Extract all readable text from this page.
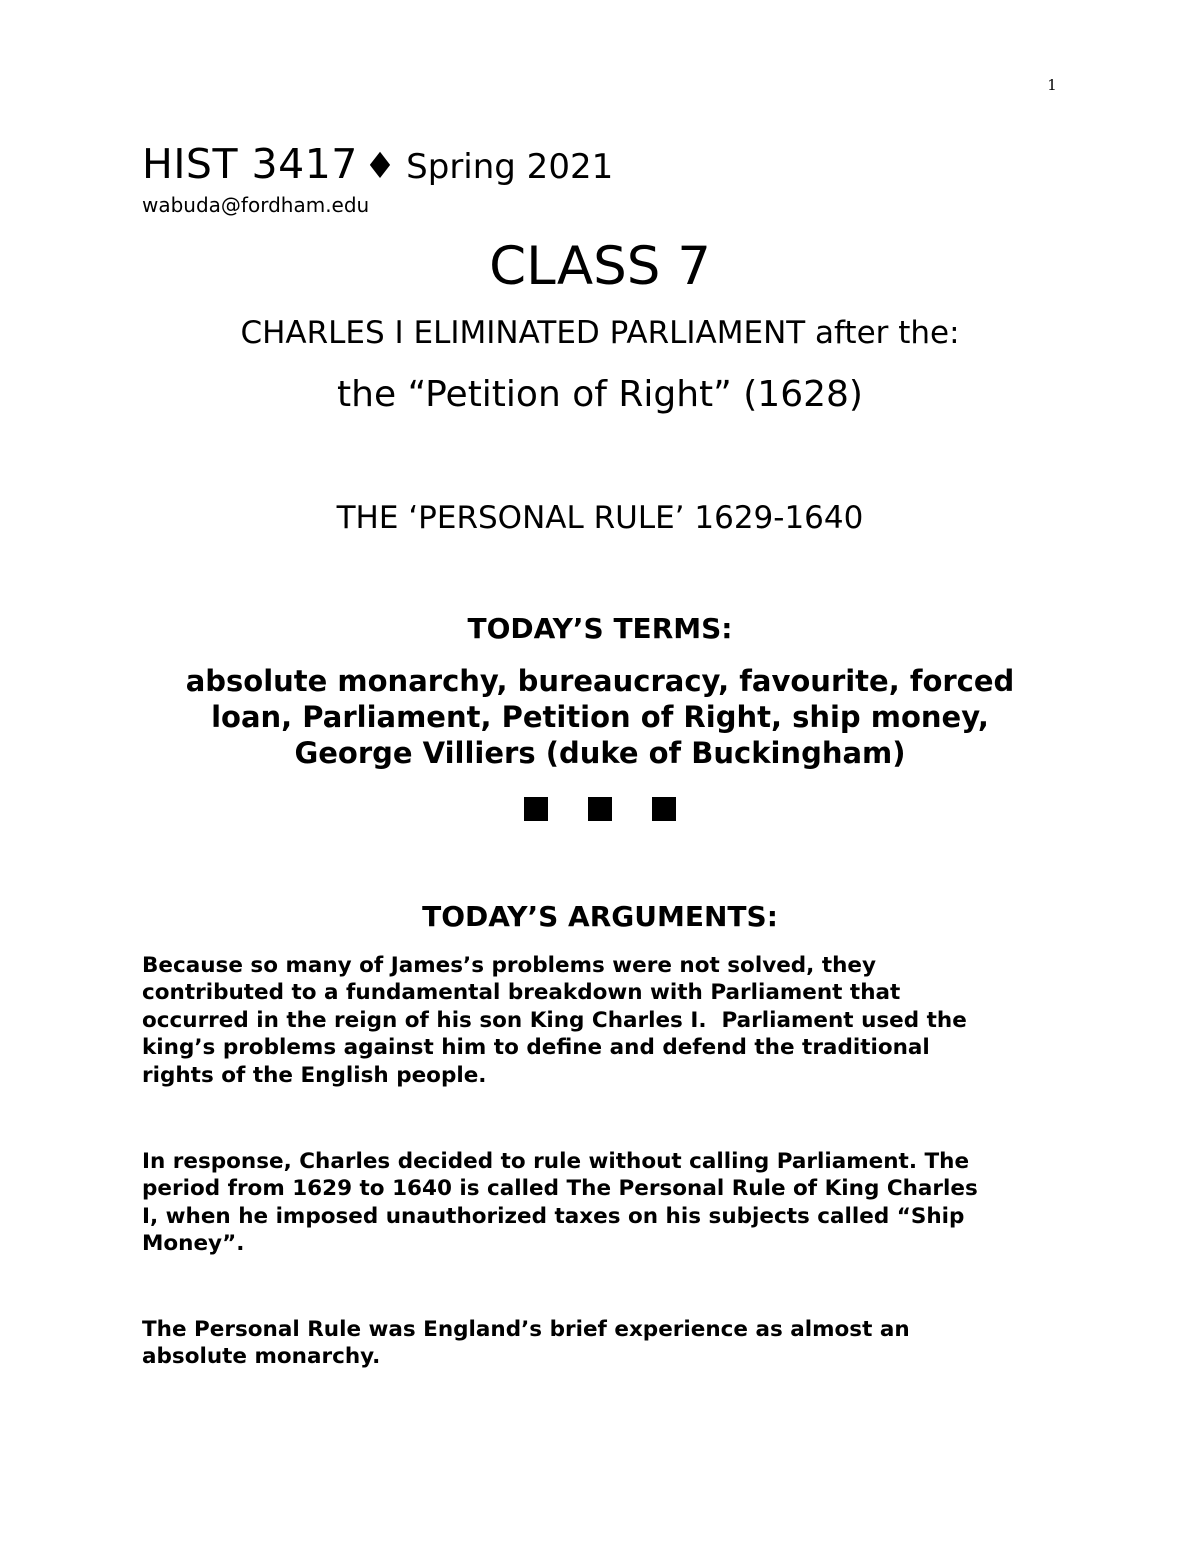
1
HIST 3417 ♦ Spring 2021
wabuda@fordham.edu
CLASS 7
CHARLES I ELIMINATED PARLIAMENT after the:
the “Petition of Right” (1628)
THE ‘PERSONAL RULE’ 1629-1640
TODAY’S TERMS:
absolute monarchy, bureaucracy, favourite, forced
loan, Parliament, Petition of Right, ship money,
George Villiers (duke of Buckingham)
TODAY’S ARGUMENTS:
Because so many of James’s problems were not solved, they
contributed to a fundamental breakdown with Parliament that
occurred in the reign of his son King Charles I.  Parliament used the
king’s problems against him to define and defend the traditional
rights of the English people.
In response, Charles decided to rule without calling Parliament. The
period from 1629 to 1640 is called The Personal Rule of King Charles
I, when he imposed unauthorized taxes on his subjects called “Ship
Money”.
The Personal Rule was England’s brief experience as almost an
absolute monarchy.
